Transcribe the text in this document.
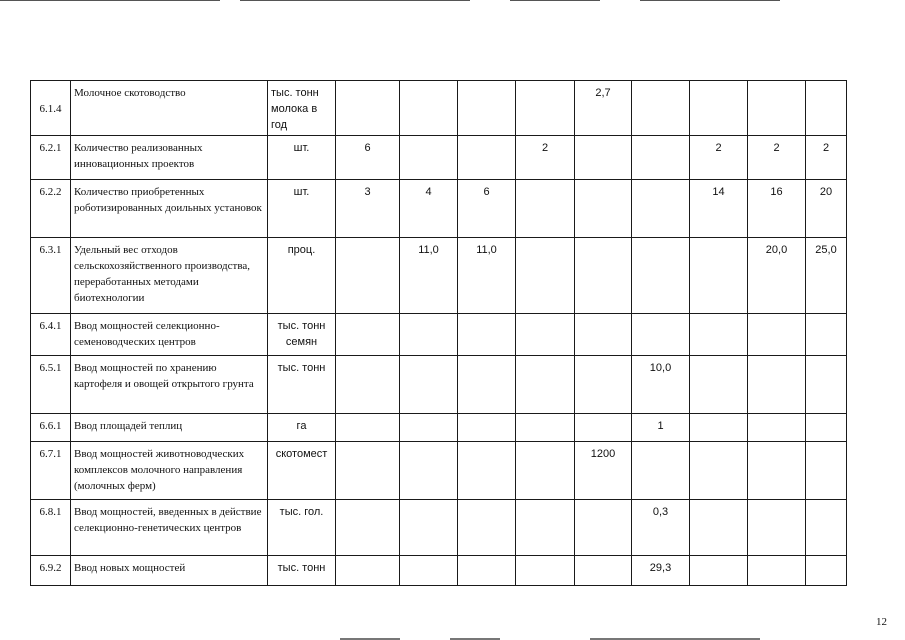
6.1.4	Молочное скотоводство	тыс. тонн молока в год					2,7				
6.2.1	Количество реализованных инновационных проектов	шт.	6			2			2	2	2
6.2.2	Количество приобретенных роботизированных доильных установок	шт.	3	4	6				14	16	20
6.3.1	Удельный вес отходов сельскохозяйственного производства, переработанных методами биотехнологии	проц.		11,0	11,0					20,0	25,0
6.4.1	Ввод мощностей селекционно-семеноводческих центров	тыс. тонн семян									
6.5.1	Ввод мощностей по хранению картофеля и овощей открытого грунта	тыс. тонн						10,0			
6.6.1	Ввод площадей теплиц	га						1			
6.7.1	Ввод мощностей животноводческих комплексов молочного направления (молочных ферм)	скотомест					1200				
6.8.1	Ввод мощностей, введенных в действие селекционно-генетических центров	тыс. гол.						0,3			
6.9.2	Ввод новых мощностей	тыс. тонн						29,3			
12
